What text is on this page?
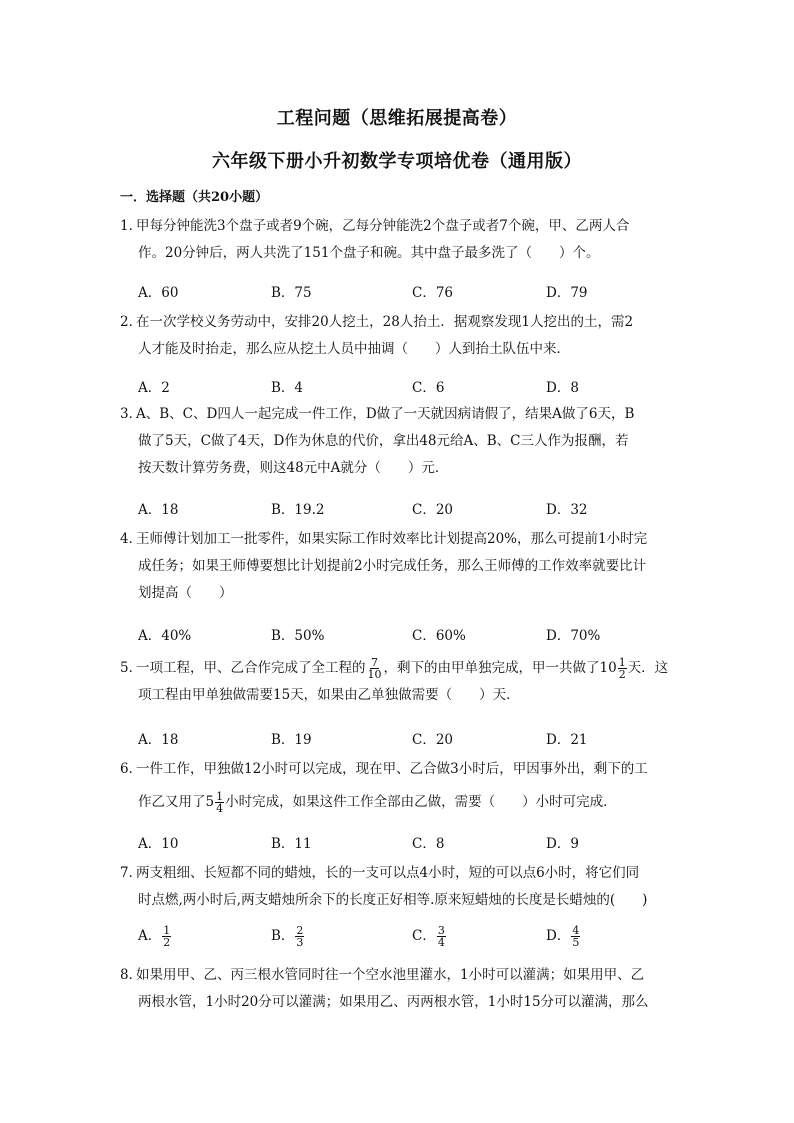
工程问题（思维拓展提高卷）
六年级下册小升初数学专项培优卷（通用版）
一．选择题（共20小题）
1．甲每分钟能洗3个盘子或者9个碗，乙每分钟能洗2个盘子或者7个碗，甲、乙两人合
作。20分钟后，两人共洗了151个盘子和碗。其中盘子最多洗了（　　）个。
A．60	B．75	C．76	D．79
2．在一次学校义务劳动中，安排20人挖土，28人抬土．据观察发现1人挖出的土，需2
人才能及时抬走，那么应从挖土人员中抽调（　　）人到抬土队伍中来．
A．2	B．4	C．6	D．8
3．A、B、C、D四人一起完成一件工作，D做了一天就因病请假了，结果A做了6天，B
做了5天，C做了4天，D作为休息的代价，拿出48元给A、B、C三人作为报酬，若
按天数计算劳务费，则这48元中A就分（　　）元．
A．18	B．19.2	C．20	D．32
4．王师傅计划加工一批零件，如果实际工作时效率比计划提高20%，那么可提前1小时完
成任务；如果王师傅要想比计划提前2小时完成任务，那么王师傅的工作效率就要比计
划提高（　　）
A．40%	B．50%	C．60%	D．70%
5．一项工程，甲、乙合作完成了全工程的 $\frac{7}{10}$ ，剩下的由甲单独完成，甲一共做了$10 \frac{1}{2}$ 天．这
项工程由甲单独做需要15天，如果由乙单独做需要（　　）天．
A．18	B．19	C．20	D．21
6．一件工作，甲独做12小时可以完成，现在甲、乙合做3小时后，甲因事外出，剩下的工
作乙又用了$5 \frac{1}{4}$ 小时完成，如果这件工作全部由乙做，需要（　　）小时可完成．
A．10	B．11	C．8	D．9
7．两支粗细、长短都不同的蜡烛，长的一支可以点4小时，短的可以点6小时，将它们同
时点燃,两小时后,两支蜡烛所余下的长度正好相等.原来短蜡烛的长度是长蜡烛的(　　)
A． $\frac{1}{2}$	B． $\frac{2}{3}$	C． $\frac{3}{4}$	D． $\frac{4}{5}$
8．如果用甲、乙、丙三根水管同时往一个空水池里灌水，1小时可以灌满；如果用甲、乙
两根水管，1小时20分可以灌满；如果用乙、丙两根水管，1小时15分可以灌满，那么
